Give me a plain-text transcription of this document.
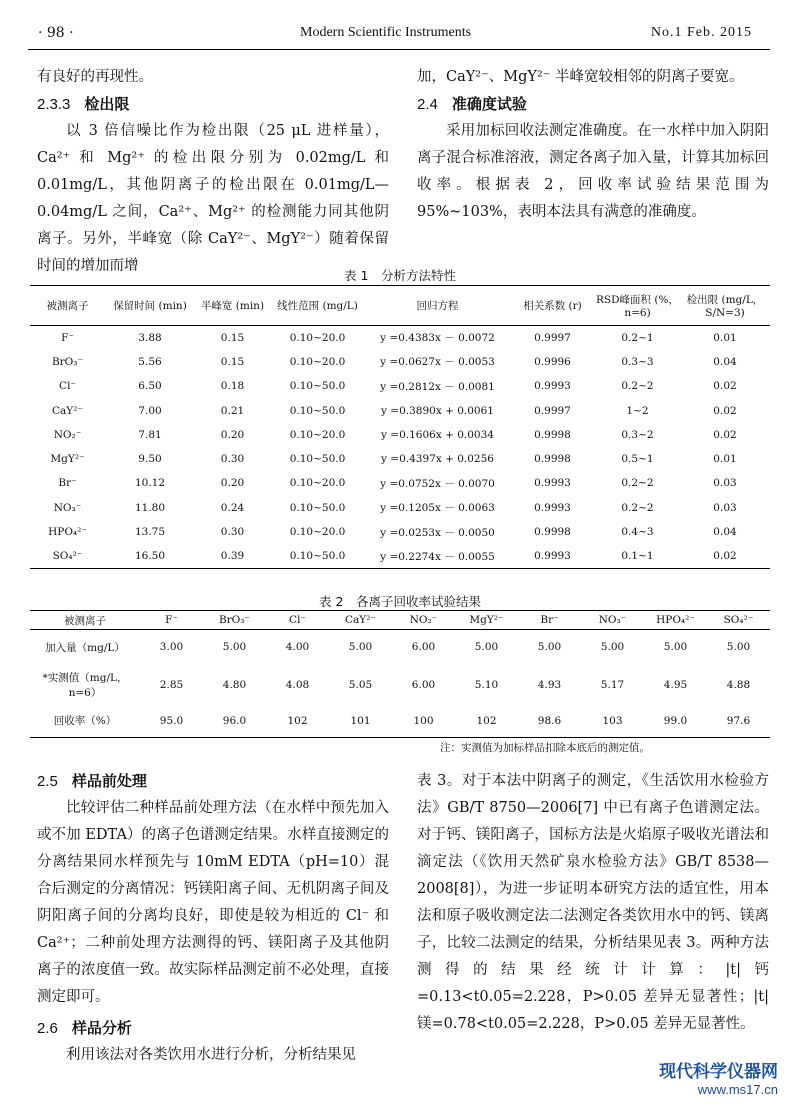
· 98 ·	Modern Scientific Instruments	No.1 Feb. 2015

有良好的再现性。

2.3.3 检出限

以 3 倍信噪比作为检出限（25 μL 进样量），Ca²⁺ 和 Mg²⁺ 的检出限分别为 0.02mg/L 和 0.01mg/L，其他阴离子的检出限在 0.01mg/L—0.04mg/L 之间，Ca²⁺、Mg²⁺ 的检测能力同其他阴离子。另外，半峰宽（除 CaY²⁻、MgY²⁻）随着保留时间的增加而增

加，CaY²⁻、MgY²⁻ 半峰宽较相邻的阴离子要宽。

2.4 准确度试验

采用加标回收法测定准确度。在一水样中加入阴阳离子混合标准溶液，测定各离子加入量，计算其加标回收率。根据表 2，回收率试验结果范围为 95%~103%，表明本法具有满意的准确度。

表 1　分析方法特性
被测离子	保留时间 (min)	半峰宽 (min)	线性范围 (mg/L)	回归方程	相关系数 (r)	RSD峰面积 (%，n=6)	检出限 (mg/L，S/N=3)
F⁻	3.88	0.15	0.10~20.0	y =0.4383x － 0.0072	0.9997	0.2~1	0.01
BrO₃⁻	5.56	0.15	0.10~20.0	y =0.0627x － 0.0053	0.9996	0.3~3	0.04
Cl⁻	6.50	0.18	0.10~50.0	y =0.2812x － 0.0081	0.9993	0.2~2	0.02
CaY²⁻	7.00	0.21	0.10~50.0	y =0.3890x + 0.0061	0.9997	1~2	0.02
NO₂⁻	7.81	0.20	0.10~20.0	y =0.1606x + 0.0034	0.9998	0.3~2	0.02
MgY²⁻	9.50	0.30	0.10~50.0	y =0.4397x + 0.0256	0.9998	0.5~1	0.01
Br⁻	10.12	0.20	0.10~20.0	y =0.0752x － 0.0070	0.9993	0.2~2	0.03
NO₃⁻	11.80	0.24	0.10~50.0	y =0.1205x － 0.0063	0.9993	0.2~2	0.03
HPO₄²⁻	13.75	0.30	0.10~20.0	y =0.0253x － 0.0050	0.9998	0.4~3	0.04
SO₄²⁻	16.50	0.39	0.10~50.0	y =0.2274x － 0.0055	0.9993	0.1~1	0.02
表 2　各离子回收率试验结果
被测离子	F⁻	BrO₃⁻	Cl⁻	CaY²⁻	NO₂⁻	MgY²⁻	Br⁻	NO₃⁻	HPO₄²⁻	SO₄²⁻
加入量（mg/L）	3.00	5.00	4.00	5.00	6.00	5.00	5.00	5.00	5.00	5.00
*实测值（mg/L，n=6）	2.85	4.80	4.08	5.05	6.00	5.10	4.93	5.17	4.95	4.88
回收率（%）	95.0	96.0	102	101	100	102	98.6	103	99.0	97.6
注：实测值为加标样品扣除本底后的测定值。
2.5 样品前处理

比较评估二种样品前处理方法（在水样中预先加入或不加 EDTA）的离子色谱测定结果。水样直接测定的分离结果同水样预先与 10mM EDTA（pH=10）混合后测定的分离情况：钙镁阳离子间、无机阴离子间及阴阳离子间的分离均良好，即使是较为相近的 Cl⁻ 和 Ca²⁺；二种前处理方法测得的钙、镁阳离子及其他阴离子的浓度值一致。故实际样品测定前不必处理，直接测定即可。

2.6 样品分析

利用该法对各类饮用水进行分析，分析结果见

表 3。对于本法中阴离子的测定，《生活饮用水检验方法》GB/T 8750—2006[7] 中已有离子色谱测定法。对于钙、镁阳离子，国标方法是火焰原子吸收光谱法和滴定法（《饮用天然矿泉水检验方法》GB/T 8538—2008[8]），为进一步证明本研究方法的适宜性，用本法和原子吸收测定法二法测定各类饮用水中的钙、镁离子，比较二法测定的结果，分析结果见表 3。两种方法测得的结果经统计计算：|t|钙=0.13<t0.05=2.228，P>0.05 差异无显著性；|t|镁=0.78<t0.05=2.228，P>0.05 差异无显著性。

现代科学仪器网
www.ms17.cn
